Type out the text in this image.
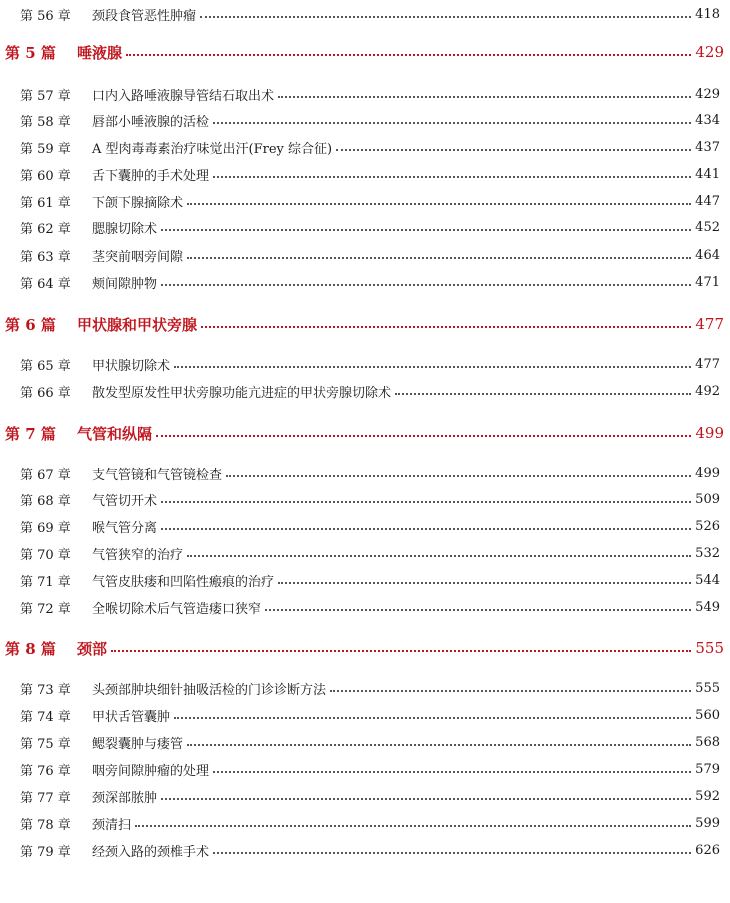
第 56 章	颈段食管恶性肿瘤	418
第 5 篇	唾液腺	429
第 57 章	口内入路唾液腺导管结石取出术	429
第 58 章	唇部小唾液腺的活检	434
第 59 章	A 型肉毒毒素治疗味觉出汗(Frey 综合征)	437
第 60 章	舌下囊肿的手术处理	441
第 61 章	下颌下腺摘除术	447
第 62 章	腮腺切除术	452
第 63 章	茎突前咽旁间隙	464
第 64 章	颊间隙肿物	471
第 6 篇	甲状腺和甲状旁腺	477
第 65 章	甲状腺切除术	477
第 66 章	散发型原发性甲状旁腺功能亢进症的甲状旁腺切除术	492
第 7 篇	气管和纵隔	499
第 67 章	支气管镜和气管镜检查	499
第 68 章	气管切开术	509
第 69 章	喉气管分离	526
第 70 章	气管狭窄的治疗	532
第 71 章	气管皮肤瘘和凹陷性瘢痕的治疗	544
第 72 章	全喉切除术后气管造瘘口狭窄	549
第 8 篇	颈部	555
第 73 章	头颈部肿块细针抽吸活检的门诊诊断方法	555
第 74 章	甲状舌管囊肿	560
第 75 章	鳃裂囊肿与瘘管	568
第 76 章	咽旁间隙肿瘤的处理	579
第 77 章	颈深部脓肿	592
第 78 章	颈清扫	599
第 79 章	经颈入路的颈椎手术	626
